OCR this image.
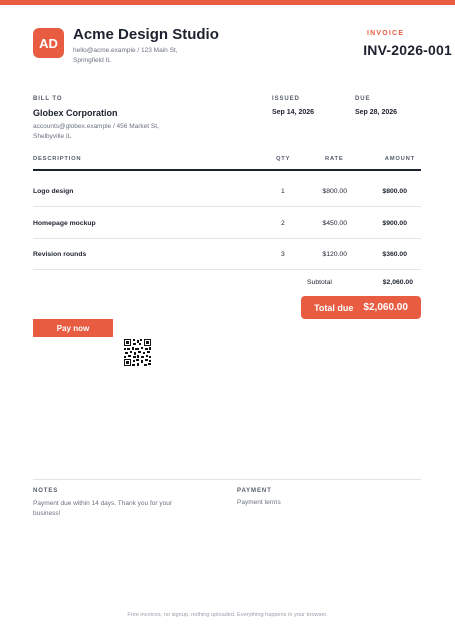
AD	Acme Design Studio
hello@acme.example / 123 Main St, Springfield IL
INVOICE
INV-2026-001
BILL TO
Globex Corporation
accounts@globex.example / 456 Market St, Shelbyville IL
ISSUED
Sep 14, 2026
DUE
Sep 28, 2026
DESCRIPTION	QTY	RATE	AMOUNT
Logo design	1	$800.00	$800.00
Homepage mockup	2	$450.00	$900.00
Revision rounds	3	$120.00	$360.00
Subtotal	$2,060.00
Total due $2,060.00
Pay now
NOTES
Payment due within 14 days. Thank you for your business!
PAYMENT
Payment terms
Free invoices, no signup, nothing uploaded. Everything happens in your browser.
